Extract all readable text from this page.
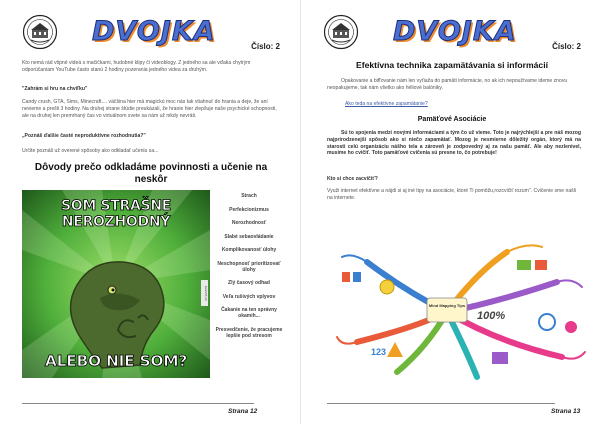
DVOJKA	Číslo: 2
Kto nemá rád vtipné videá s mačičkami, hudobné klipy či videoblogy. Z jedného sa ale vďaka chytrým odporúčaniam YouTube často stanú 2 hodiny pozerania jedného videa za druhým.
"Zahrám si hru na chvíľku"
Candy crush, GTA, Sims, Minecraft.... väčšina hier má magickú moc nás tak vtiahnuť do hrania a deje, že ani nevieme a prešli 3 hodiny. Na druhej strane štúdie preukázali, že hranie hier zlepšuje naše psychické schopnosti, ale na druhej len premrhaný čas vo virtuálnom svete sa nám už nikdy nevráti.
„Poznáš ďalšie časté neproduktívne rozhodnutia?"
Určite poznáš už overené spôsoby ako odkladať učeniu sa...
Dôvody prečo odkladáme povinnosti a učenie na neskôr
SOM STRAŠNE NEROZHODNÝ
ALEBO NIE SOM?
ELEVIS 33
Strach
Perfekcionizmus
Nerozhodnosť
Slabé sebaovládanie
Komplikovanosť úlohy
Neschopnosť prioritizovať úlohy
Zlý časový odhad
Veľa rušivých vplyvov
Čakanie na ten správny okamih...
Presvedčenie, že pracujeme lepšie pod stresom
Strana 12
DVOJKA	Číslo: 2
Efektívna technika zapamätávania si informácií
Opakovanie a bifľovanie nám len vyťiaža do pamäti informácie, no ak ich nepoužívame ideme znovu neopakujeme, tak nám všetko ako héliové balóniky.
Ako teda na efektívne zapamätanie?
Pamäťové Asociácie
Sú to spojenia medzi novými informáciami a tým čo už vieme. Toto je najrýchlejší a pre náš mozog najprirodzenejší spôsob ako si niečo zapamätať. Mozog je nesmierne dôležitý orgán, ktorý má na starosti celú organizáciu nášho tela a zároveň je zodpovedný aj za našu pamäť. Ale aby nezlenivel, musíme ho cvičiť. Toto pamäťové cvičenia sú presne to, čo potrebuje!
Kto si chce zacvičiť?
Využi internet efektívne a nájdi si aj iné tipy na asociácie, ktoré Ti pomôžu,rozcvičiť rozum". Cvičenie sme našli na internete.
Mind Mapping Tips
100%
123
Strana 13
